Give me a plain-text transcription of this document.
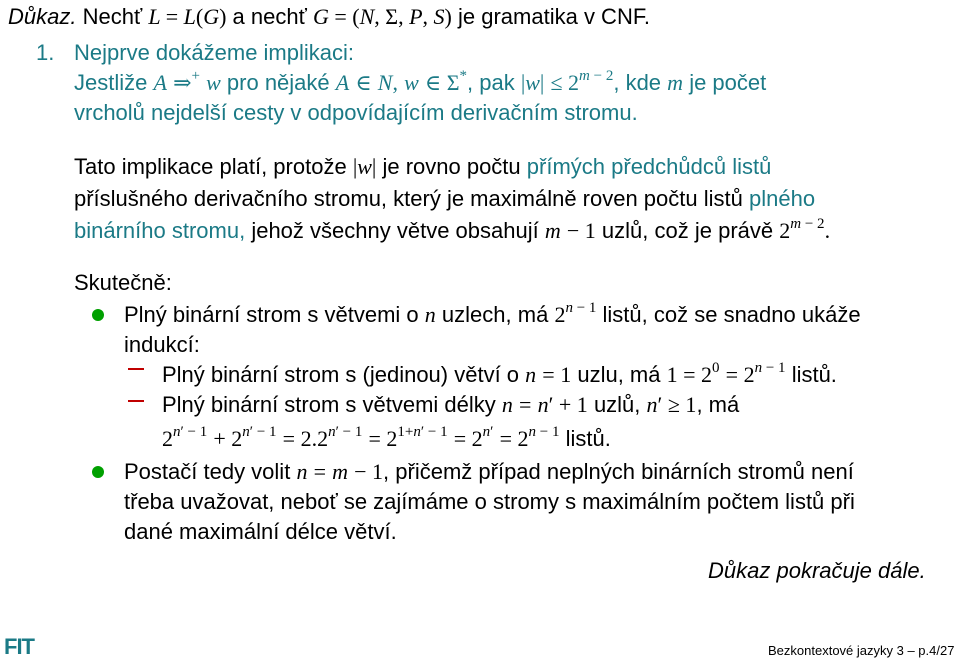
Důkaz. Nechť L = L(G) a nechť G = (N, Σ, P, S) je gramatika v CNF.
1. Nejprve dokážeme implikaci:
Jestliže A ⇒+ w pro nějaké A ∈ N, w ∈ Σ*, pak $|w| \le 2^{m - 2}$, kde m je počet
vrcholů nejdelší cesty v odpovídajícím derivačním stromu.
Tato implikace platí, protože |w| je rovno počtu přímých předchůdců listů
příslušného derivačního stromu, který je maximálně roven počtu listů plného
binárního stromu, jehož všechny větve obsahují m − 1 uzlů, což je právě $2^{m - 2}$.
Skutečně:
Plný binární strom s větvemi o n uzlech, má $2^{n - 1}$ listů, což se snadno ukáže
indukcí:
Plný binární strom s (jedinou) větví o n = 1 uzlu, má $1 = 2^0 = 2^{n - 1}$ listů.
Plný binární strom s větvemi délky n = n′ + 1 uzlů, n′ ≥ 1, má
$2^{n' - 1} + 2^{n' - 1} = 2.2^{n' - 1} = 2^{1+n' - 1} = 2^{n'} = 2^{n - 1}$ listů.
Postačí tedy volit n = m − 1, přičemž případ neplných binárních stromů není
třeba uvažovat, neboť se zajímáme o stromy s maximálním počtem listů při
dané maximální délce větví.
Důkaz pokračuje dále.
FIT	Bezkontextové jazyky 3 – p.4/27
